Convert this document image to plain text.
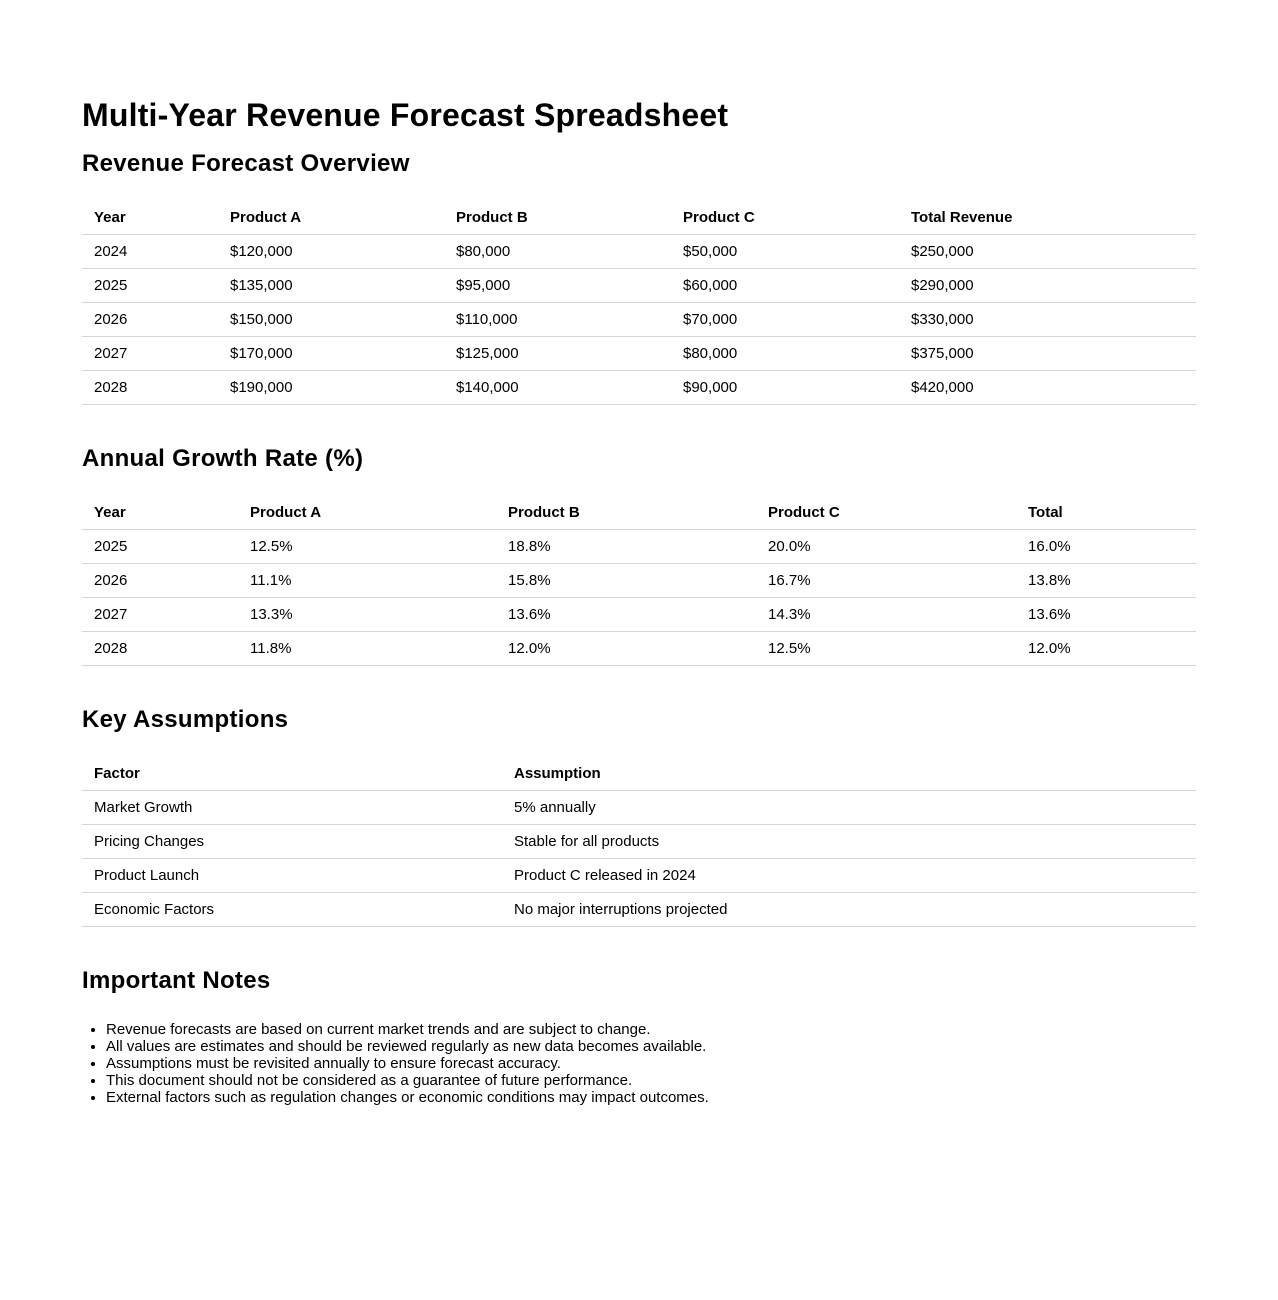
Multi-Year Revenue Forecast Spreadsheet
Revenue Forecast Overview
Year	Product A	Product B	Product C	Total Revenue
2024	$120,000	$80,000	$50,000	$250,000
2025	$135,000	$95,000	$60,000	$290,000
2026	$150,000	$110,000	$70,000	$330,000
2027	$170,000	$125,000	$80,000	$375,000
2028	$190,000	$140,000	$90,000	$420,000
Annual Growth Rate (%)
Year	Product A	Product B	Product C	Total
2025	12.5%	18.8%	20.0%	16.0%
2026	11.1%	15.8%	16.7%	13.8%
2027	13.3%	13.6%	14.3%	13.6%
2028	11.8%	12.0%	12.5%	12.0%
Key Assumptions
Factor	Assumption
Market Growth	5% annually
Pricing Changes	Stable for all products
Product Launch	Product C released in 2024
Economic Factors	No major interruptions projected
Important Notes
• Revenue forecasts are based on current market trends and are subject to change.
• All values are estimates and should be reviewed regularly as new data becomes available.
• Assumptions must be revisited annually to ensure forecast accuracy.
• This document should not be considered as a guarantee of future performance.
• External factors such as regulation changes or economic conditions may impact outcomes.
